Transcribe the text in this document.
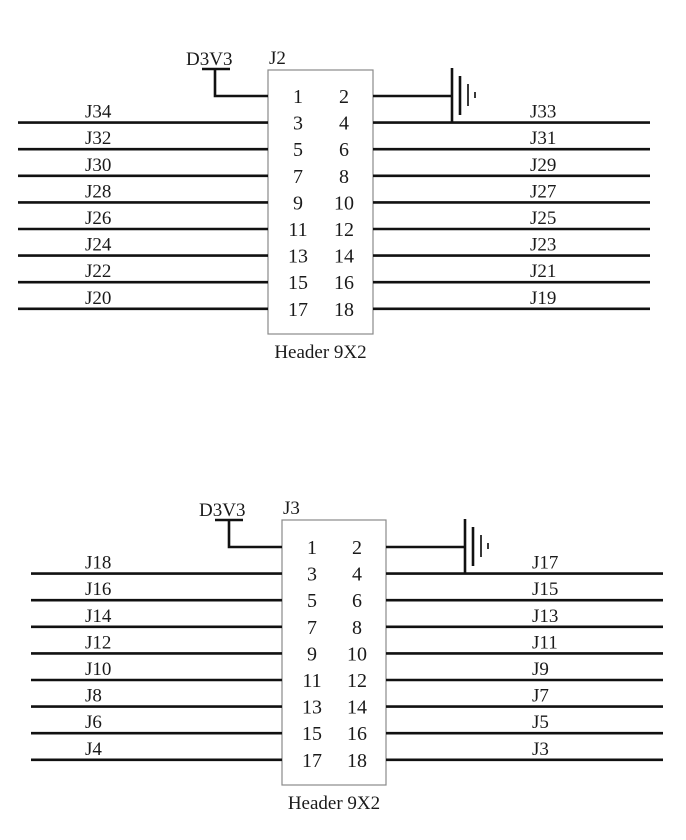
J2
Header 9X2
D3V3
1
3
5
7
9
11
13
15
17
2
4
6
8
10
12
14
16
18
J34
J32
J30
J28
J26
J24
J22
J20
J33
J31
J29
J27
J25
J23
J21
J19
J3
Header 9X2
D3V3
1
3
5
7
9
11
13
15
17
2
4
6
8
10
12
14
16
18
J18
J16
J14
J12
J10
J8
J6
J4
J17
J15
J13
J11
J9
J7
J5
J3
